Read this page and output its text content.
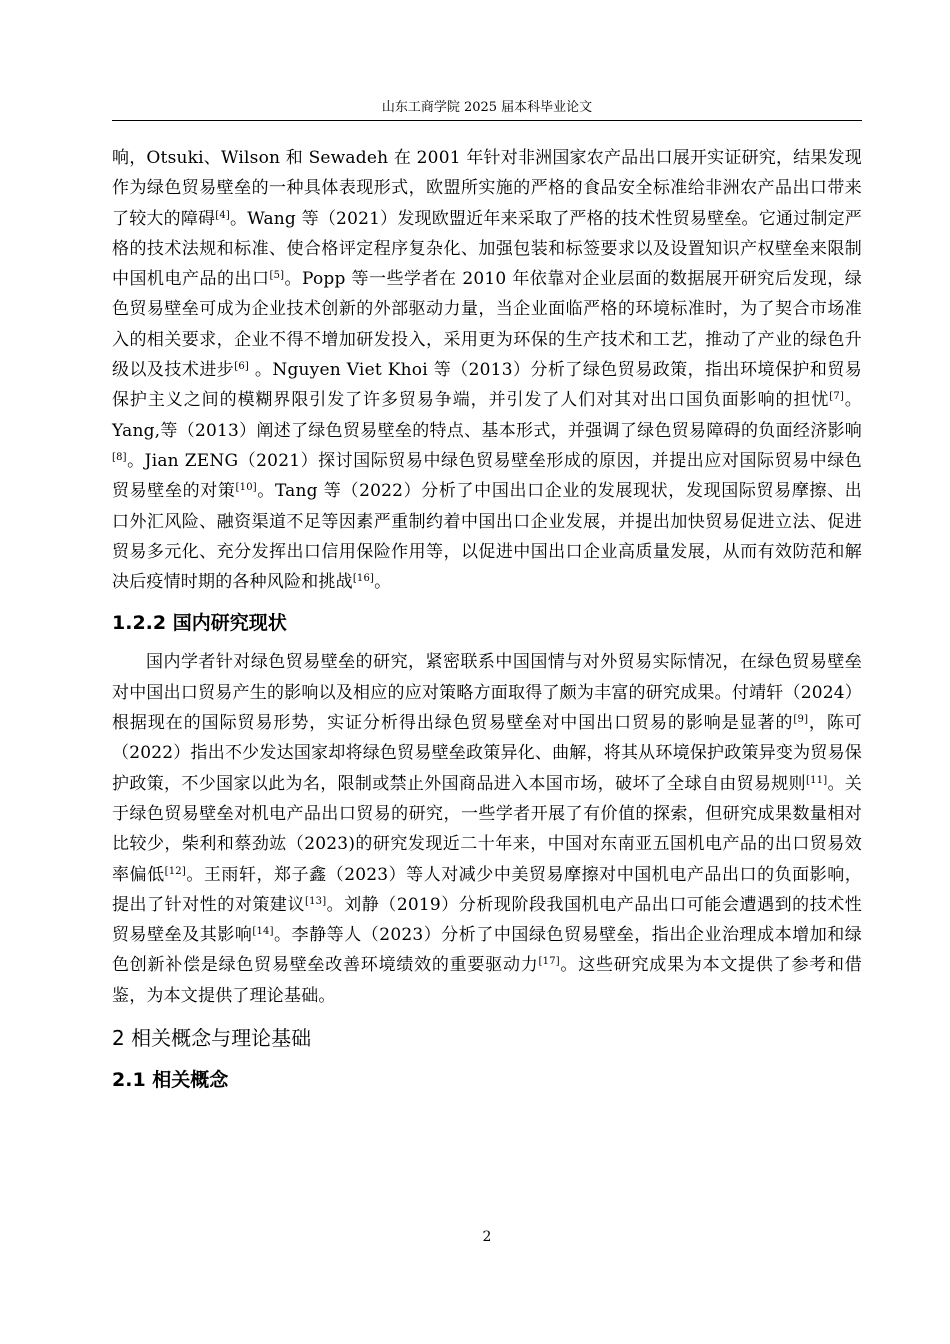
山东工商学院 2025 届本科毕业论文

响，Otsuki、Wilson 和 Sewadeh 在 2001 年针对非洲国家农产品出口展开实证研究，结果发现作为绿色贸易壁垒的一种具体表现形式，欧盟所实施的严格的食品安全标准给非洲农产品出口带来了较大的障碍[4]。Wang 等（2021）发现欧盟近年来采取了严格的技术性贸易壁垒。它通过制定严格的技术法规和标准、使合格评定程序复杂化、加强包装和标签要求以及设置知识产权壁垒来限制中国机电产品的出口[5]。Popp 等一些学者在 2010 年依靠对企业层面的数据展开研究后发现，绿色贸易壁垒可成为企业技术创新的外部驱动力量，当企业面临严格的环境标准时，为了契合市场准入的相关要求，企业不得不增加研发投入，采用更为环保的生产技术和工艺，推动了产业的绿色升级以及技术进步[6] 。Nguyen Viet Khoi 等（2013）分析了绿色贸易政策，指出环境保护和贸易保护主义之间的模糊界限引发了许多贸易争端，并引发了人们对其对出口国负面影响的担忧[7]。 Yang,等（2013）阐述了绿色贸易壁垒的特点、基本形式，并强调了绿色贸易障碍的负面经济影响[8]。Jian ZENG（2021）探讨国际贸易中绿色贸易壁垒形成的原因，并提出应对国际贸易中绿色贸易壁垒的对策[10]。Tang 等（2022）分析了中国出口企业的发展现状，发现国际贸易摩擦、出口外汇风险、融资渠道不足等因素严重制约着中国出口企业发展，并提出加快贸易促进立法、促进贸易多元化、充分发挥出口信用保险作用等，以促进中国出口企业高质量发展，从而有效防范和解决后疫情时期的各种风险和挑战[16]。

1.2.2 国内研究现状

国内学者针对绿色贸易壁垒的研究，紧密联系中国国情与对外贸易实际情况，在绿色贸易壁垒对中国出口贸易产生的影响以及相应的应对策略方面取得了颇为丰富的研究成果。付靖轩（2024）根据现在的国际贸易形势，实证分析得出绿色贸易壁垒对中国出口贸易的影响是显著的[9]，陈可（2022）指出不少发达国家却将绿色贸易壁垒政策异化、曲解，将其从环境保护政策异变为贸易保护政策，不少国家以此为名，限制或禁止外国商品进入本国市场，破坏了全球自由贸易规则[11]。关于绿色贸易壁垒对机电产品出口贸易的研究，一些学者开展了有价值的探索，但研究成果数量相对比较少，柴利和蔡劲竑（2023)的研究发现近二十年来，中国对东南亚五国机电产品的出口贸易效率偏低[12]。王雨轩，郑子鑫（2023）等人对减少中美贸易摩擦对中国机电产品出口的负面影响，提出了针对性的对策建议[13]。刘静（2019）分析现阶段我国机电产品出口可能会遭遇到的技术性贸易壁垒及其影响[14]。李静等人（2023）分析了中国绿色贸易壁垒，指出企业治理成本增加和绿色创新补偿是绿色贸易壁垒改善环境绩效的重要驱动力[17]。这些研究成果为本文提供了参考和借鉴，为本文提供了理论基础。

2 相关概念与理论基础
2.1 相关概念
2
